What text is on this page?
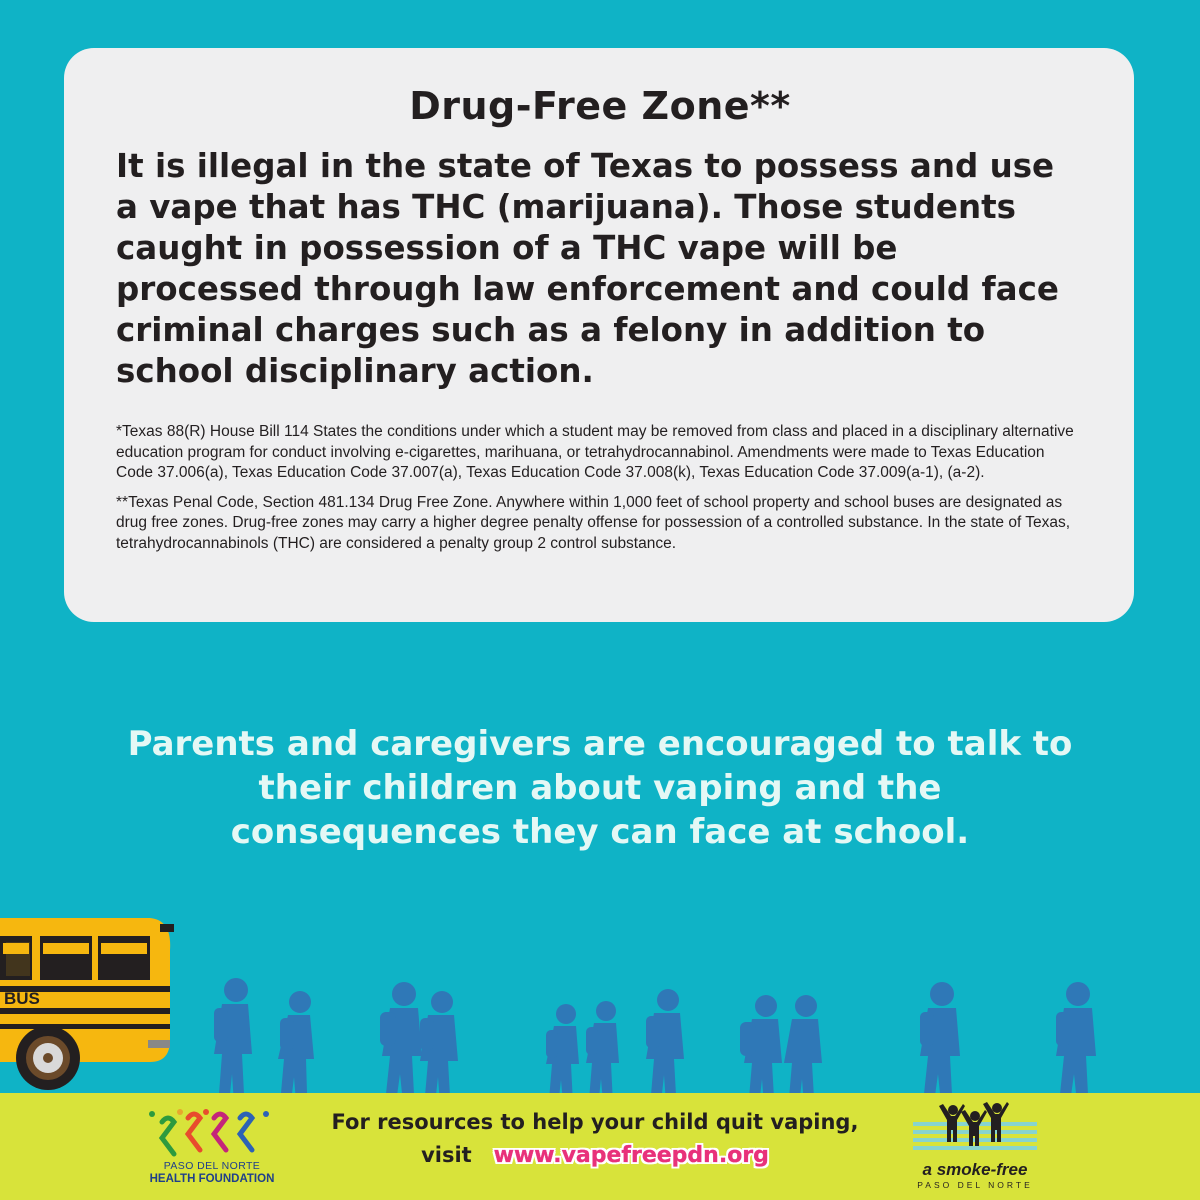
Drug-Free Zone**

It is illegal in the state of Texas to possess and use a vape that has THC (marijuana). Those students caught in possession of a THC vape will be processed through law enforcement and could face criminal charges such as a felony in addition to school disciplinary action.

*Texas 88(R) House Bill 114 States the conditions under which a student may be removed from class and placed in a disciplinary alternative education program for conduct involving e-cigarettes, marihuana, or tetrahydrocannabinol. Amendments were made to Texas Education Code 37.006(a), Texas Education Code 37.007(a), Texas Education Code 37.008(k), Texas Education Code 37.009(a-1), (a-2).

**Texas Penal Code, Section 481.134 Drug Free Zone. Anywhere within 1,000 feet of school property and school buses are designated as drug free zones. Drug-free zones may carry a higher degree penalty offense for possession of a controlled substance. In the state of Texas, tetrahydrocannabinols (THC) are considered a penalty group 2 control substance.

Parents and caregivers are encouraged to talk to
their children about vaping and the
consequences they can face at school.
BUS
PASO DEL NORTE
HEALTH FOUNDATION
For resources to help your child quit vaping,
visit www.vapefreepdn.org
a smoke-free
PASO DEL NORTE
